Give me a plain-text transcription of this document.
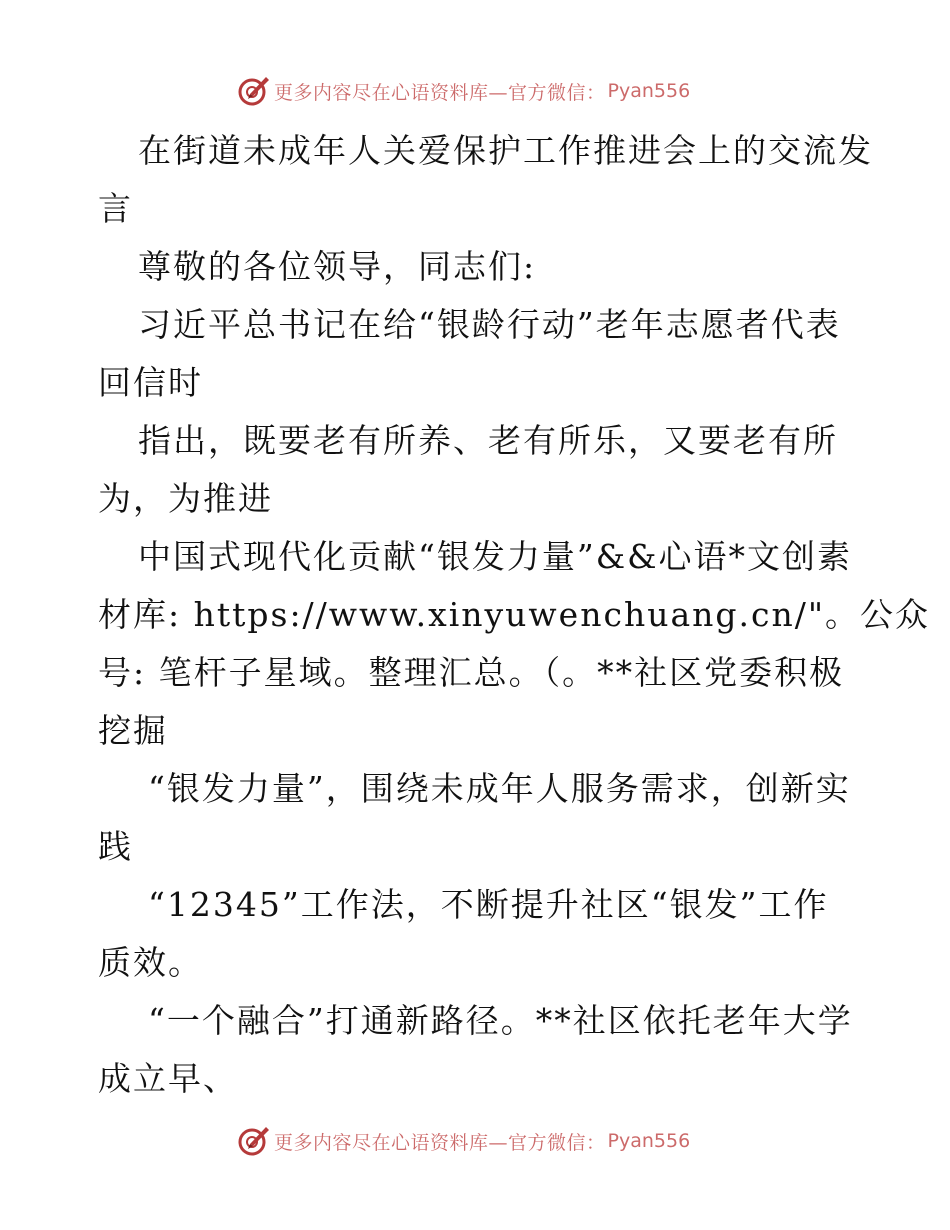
更多内容尽在心语资料库—官方微信： Pyan556
在街道未成年人关爱保护工作推进会上的交流发
言
尊敬的各位领导，同志们:
习近平总书记在给“银龄行动”老年志愿者代表
回信时
指出，既要老有所养、老有所乐，又要老有所
为，为推进
中国式现代化贡献“银发力量”&&心语*文创素
材库: https://www.xinyuwenchuang.cn/"。公众
号: 笔杆子星域。整理汇总。（。**社区党委积极
挖掘
“银发力量”，围绕未成年人服务需求，创新实
践
“12345”工作法，不断提升社区“银发”工作
质效。
“一个融合”打通新路径。**社区依托老年大学
成立早、
更多内容尽在心语资料库—官方微信： Pyan556
